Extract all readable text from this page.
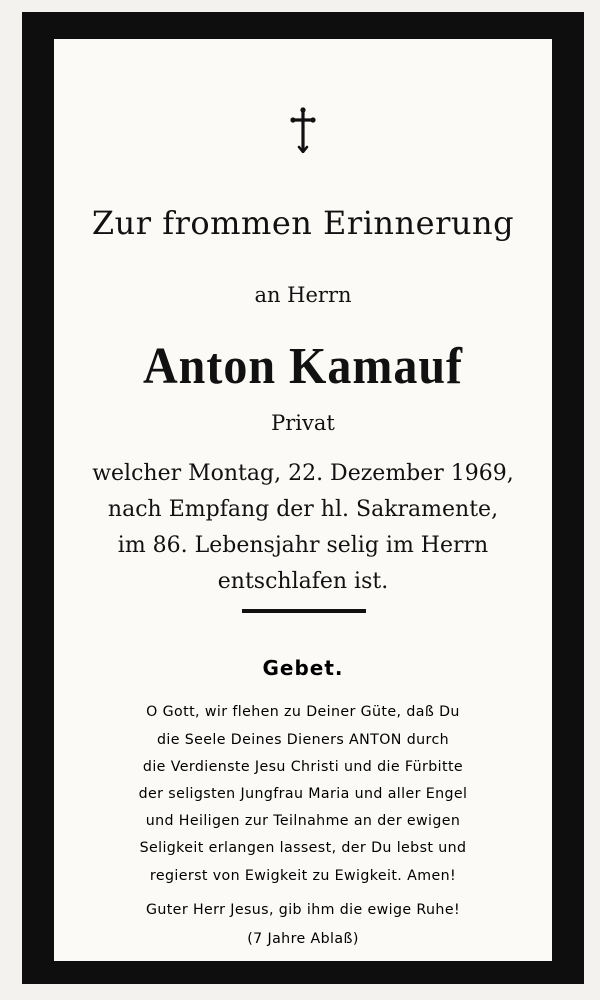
Zur frommen Erinnerung
an Herrn
Anton Kamauf
Privat
welcher Montag, 22. Dezember 1969,
nach Empfang der hl. Sakramente,
im 86. Lebensjahr selig im Herrn
entschlafen ist.
Gebet.
O Gott, wir flehen zu Deiner Güte, daß Du
die Seele Deines Dieners ANTON durch
die Verdienste Jesu Christi und die Fürbitte
der seligsten Jungfrau Maria und aller Engel
und Heiligen zur Teilnahme an der ewigen
Seligkeit erlangen lassest, der Du lebst und
regierst von Ewigkeit zu Ewigkeit. Amen!
Guter Herr Jesus, gib ihm die ewige Ruhe!
(7 Jahre Ablaß)
